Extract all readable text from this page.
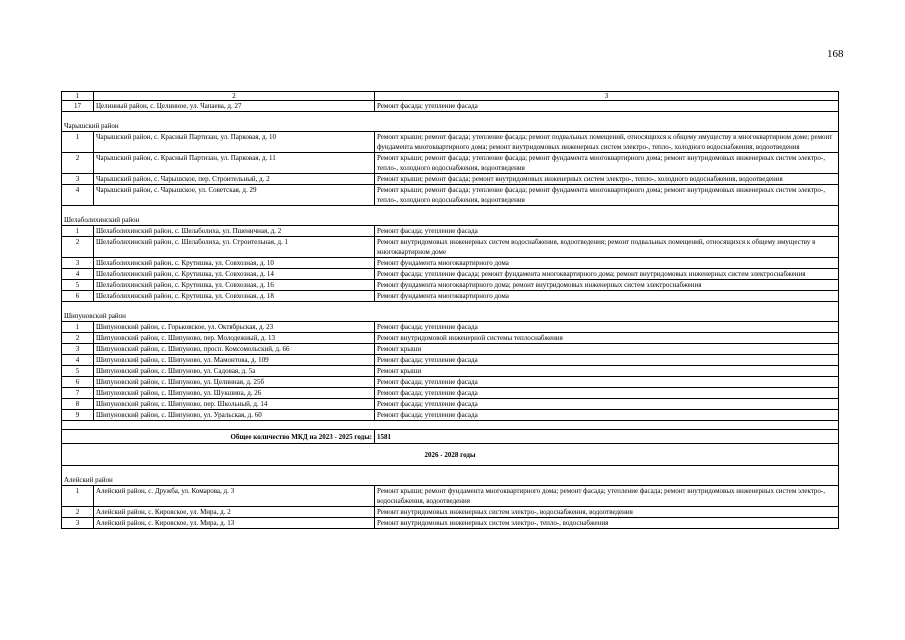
168
1	2	3
17	Целинный район, с. Целинное, ул. Чапаева, д. 27	Ремонт фасада; утепление фасада
Чарышский район		
1	Чарышский район, с. Красный Партизан, ул. Парковая, д. 10	Ремонт крыши; ремонт фасада; утепление фасада; ремонт подвальных помещений, относящихся к общему имуществу в многоквартирном доме; ремонт фундамента многоквартирного дома; ремонт внутридомовых инженерных систем электро-, тепло-, холодного водоснабжения, водоотведения
2	Чарышский район, с. Красный Партизан, ул. Парковая, д. 11	Ремонт крыши; ремонт фасада; утепление фасада; ремонт фундамента многоквартирного дома; ремонт внутридомовых инженерных систем электро-, тепло-, холодного водоснабжения, водоотведения
3	Чарышский район, с. Чарышское, пер. Строительный, д. 2	Ремонт крыши; ремонт фасада; ремонт внутридомовых инженерных систем электро-, тепло-, холодного водоснабжения, водоотведения
4	Чарышский район, с. Чарышское, ул. Советская, д. 29	Ремонт крыши; ремонт фасада; утепление фасада; ремонт фундамента многоквартирного дома; ремонт внутридомовых инженерных систем электро-, тепло-, холодного водоснабжения, водоотведения
Шелаболихинский район		
1	Шелаболихинский район, с. Шелаболиха, ул. Пшеничная, д. 2	Ремонт фасада; утепление фасада
2	Шелаболихинский район, с. Шелаболиха, ул. Строительная, д. 1	Ремонт внутридомовых инженерных систем водоснабжения, водоотведения; ремонт подвальных помещений, относящихся к общему имуществу в многоквартирном доме
3	Шелаболихинский район, с. Крутишка, ул. Совхозная, д. 10	Ремонт фундамента многоквартирного дома
4	Шелаболихинский район, с. Крутишка, ул. Совхозная, д. 14	Ремонт фасада; утепление фасада; ремонт фундамента многоквартирного дома; ремонт внутридомовых инженерных систем электроснабжения
5	Шелаболихинский район, с. Крутишка, ул. Совхозная, д. 16	Ремонт фундамента многоквартирного дома; ремонт внутридомовых инженерных систем электроснабжения
6	Шелаболихинский район, с. Крутишка, ул. Совхозная, д. 18	Ремонт фундамента многоквартирного дома
Шипуновский район		
1	Шипуновский район, с. Горьковское, ул. Октябрьская, д. 23	Ремонт фасада; утепление фасада
2	Шипуновский район, с. Шипуново, пер. Молодежный, д. 13	Ремонт внутридомовой инженерной системы теплоснабжения
3	Шипуновский район, с. Шипуново, просп. Комсомольский, д. 66	Ремонт крыши
4	Шипуновский район, с. Шипуново, ул. Мамонтова, д. 109	Ремонт фасада; утепление фасада
5	Шипуновский район, с. Шипуново, ул. Садовая, д. 5а	Ремонт крыши
6	Шипуновский район, с. Шипуново, ул. Целинная, д. 25б	Ремонт фасада; утепление фасада
7	Шипуновский район, с. Шипуново, ул. Шукшина, д. 26	Ремонт фасада; утепление фасада
8	Шипуновский район, с. Шипуново, пер. Школьный, д. 14	Ремонт фасада; утепление фасада
9	Шипуновский район, с. Шипуново, ул. Уральская, д. 60	Ремонт фасада; утепление фасада

Общее количество МКД на 2023 - 2025 годы:		1581
2026 - 2028 годы		
Алейский район		
1	Алейский район, с. Дружба, ул. Комарова, д. 3	Ремонт крыши; ремонт фундамента многоквартирного дома; ремонт фасада; утепление фасада; ремонт внутридомовых инженерных систем электро-, водоснабжения, водоотведения
2	Алейский район, с. Кировское, ул. Мира, д. 2	Ремонт внутридомовых инженерных систем электро-, водоснабжения, водоотведения
3	Алейский район, с. Кировское, ул. Мира, д. 13	Ремонт внутридомовых инженерных систем электро-, тепло-, водоснабжения
